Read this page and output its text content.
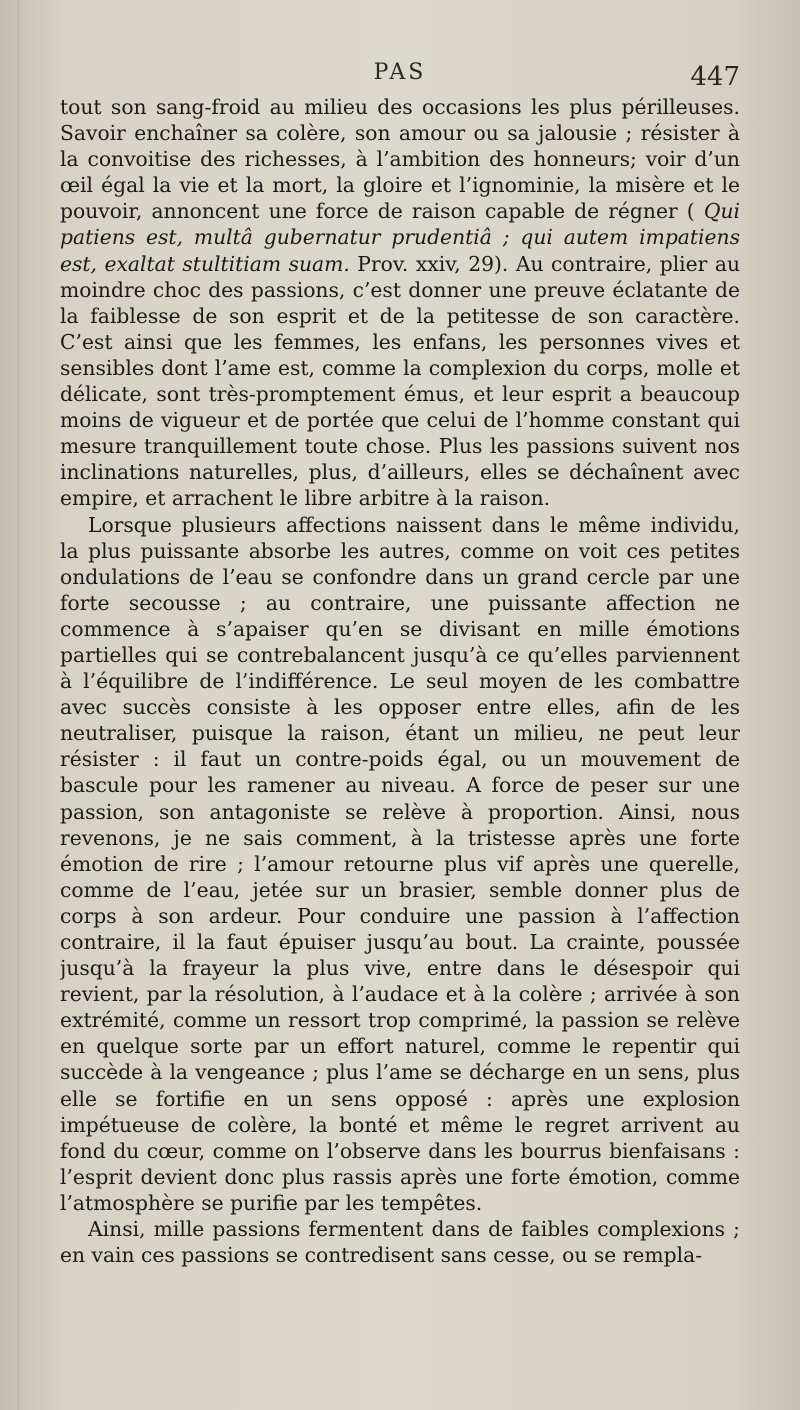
PAS	447

tout son sang-froid au milieu des occasions les plus périlleuses. Savoir enchaîner sa colère, son amour ou sa jalousie ; résister à la convoitise des richesses, à l’ambition des honneurs; voir d’un œil égal la vie et la mort, la gloire et l’ignominie, la misère et le pouvoir, annoncent une force de raison capable de régner ( Qui patiens est, multâ gubernatur prudentiâ ; qui autem impatiens est, exaltat stultitiam suam. Prov. xxiv, 29). Au contraire, plier au moindre choc des passions, c’est donner une preuve éclatante de la faiblesse de son esprit et de la petitesse de son caractère. C’est ainsi que les femmes, les enfans, les personnes vives et sensibles dont l’ame est, comme la complexion du corps, molle et délicate, sont très-promptement émus, et leur esprit a beaucoup moins de vigueur et de portée que celui de l’homme constant qui mesure tranquillement toute chose. Plus les passions suivent nos inclinations naturelles, plus, d’ailleurs, elles se déchaînent avec empire, et arrachent le libre arbitre à la raison.

Lorsque plusieurs affections naissent dans le même individu, la plus puissante absorbe les autres, comme on voit ces petites ondulations de l’eau se confondre dans un grand cercle par une forte secousse ; au contraire, une puissante affection ne commence à s’apaiser qu’en se divisant en mille émotions partielles qui se contrebalancent jusqu’à ce qu’elles parviennent à l’équilibre de l’indifférence. Le seul moyen de les combattre avec succès consiste à les opposer entre elles, afin de les neutraliser, puisque la raison, étant un milieu, ne peut leur résister : il faut un contre-poids égal, ou un mouvement de bascule pour les ramener au niveau. A force de peser sur une passion, son antagoniste se relève à proportion. Ainsi, nous revenons, je ne sais comment, à la tristesse après une forte émotion de rire ; l’amour retourne plus vif après une querelle, comme de l’eau, jetée sur un brasier, semble donner plus de corps à son ardeur. Pour conduire une passion à l’affection contraire, il la faut épuiser jusqu’au bout. La crainte, poussée jusqu’à la frayeur la plus vive, entre dans le désespoir qui revient, par la résolution, à l’audace et à la colère ; arrivée à son extrémité, comme un ressort trop comprimé, la passion se relève en quelque sorte par un effort naturel, comme le repentir qui succède à la vengeance ; plus l’ame se décharge en un sens, plus elle se fortifie en un sens opposé : après une explosion impétueuse de colère, la bonté et même le regret arrivent au fond du cœur, comme on l’observe dans les bourrus bienfaisans : l’esprit devient donc plus rassis après une forte émotion, comme l’atmosphère se purifie par les tempêtes.

Ainsi, mille passions fermentent dans de faibles complexions ; en vain ces passions se contredisent sans cesse, ou se rempla-
